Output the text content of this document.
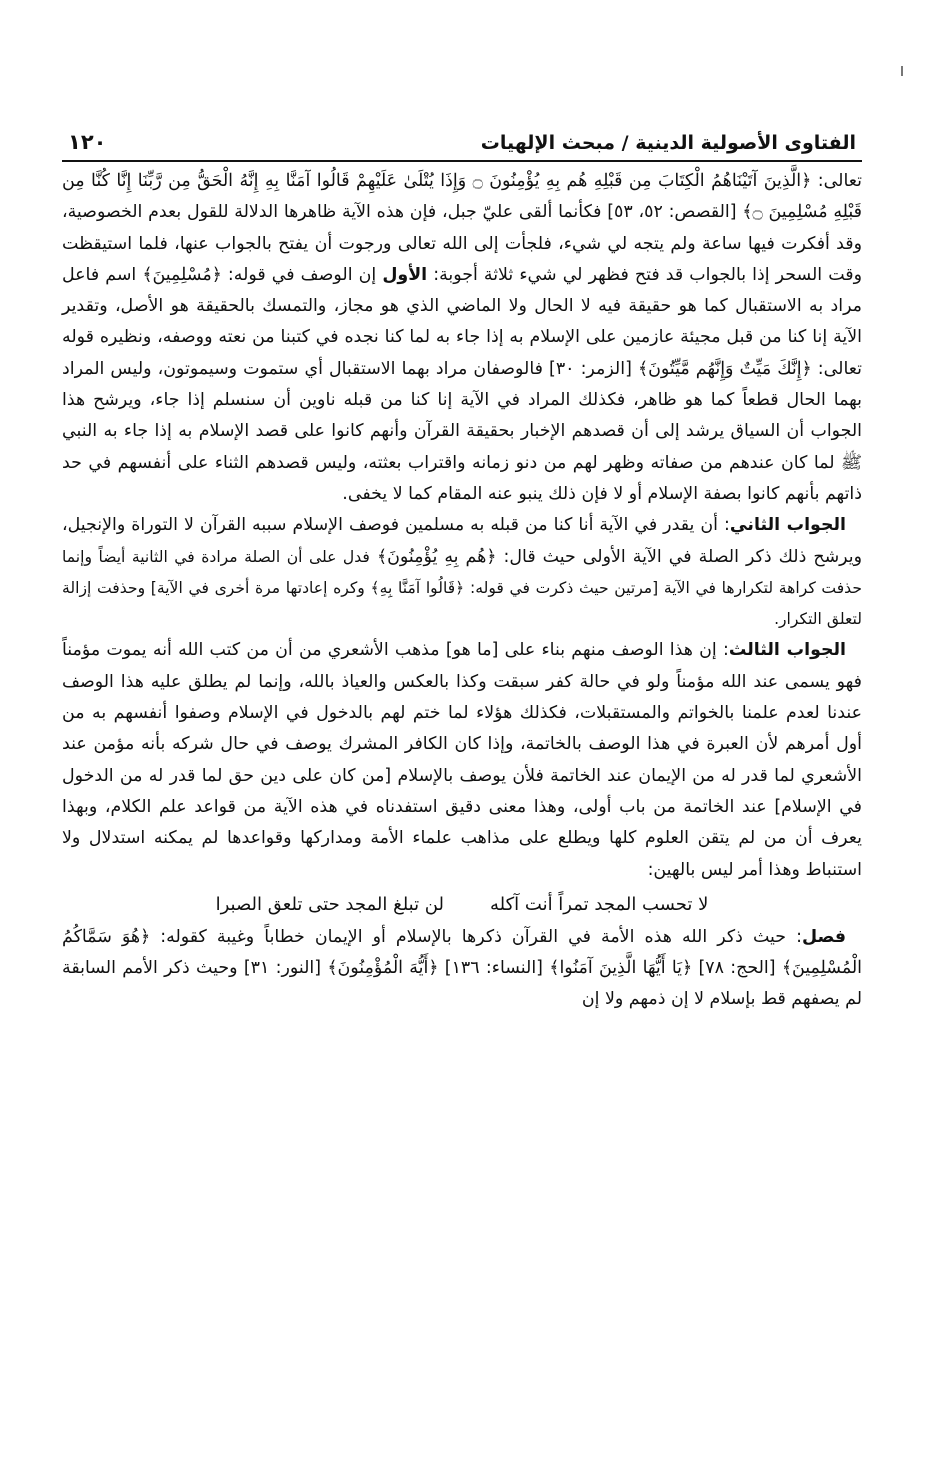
الفتاوى الأصولية الدينية / مبحث الإلهيات
١٢٠

تعالى: ﴿الَّذِينَ آتَيْنَاهُمُ الْكِتَابَ مِن قَبْلِهِ هُم بِهِ يُؤْمِنُونَ ۝ وَإِذَا يُتْلَىٰ عَلَيْهِمْ قَالُوا آمَنَّا بِهِ إِنَّهُ الْحَقُّ مِن رَّبِّنَا إِنَّا كُنَّا مِن قَبْلِهِ مُسْلِمِينَ ۝﴾ [القصص: ٥٢، ٥٣] فكأنما ألقى عليّ جبل، فإن هذه الآية ظاهرها الدلالة للقول بعدم الخصوصية، وقد أفكرت فيها ساعة ولم يتجه لي شيء، فلجأت إلى الله تعالى ورجوت أن يفتح بالجواب عنها، فلما استيقظت وقت السحر إذا بالجواب قد فتح فظهر لي شيء ثلاثة أجوبة: الأول إن الوصف في قوله: ﴿مُسْلِمِينَ﴾ اسم فاعل مراد به الاستقبال كما هو حقيقة فيه لا الحال ولا الماضي الذي هو مجاز، والتمسك بالحقيقة هو الأصل، وتقدير الآية إنا كنا من قبل مجيئة عازمين على الإسلام به إذا جاء به لما كنا نجده في كتبنا من نعته ووصفه، ونظيره قوله تعالى: ﴿إِنَّكَ مَيِّتٌ وَإِنَّهُم مَّيِّتُونَ﴾ [الزمر: ٣٠] فالوصفان مراد بهما الاستقبال أي ستموت وسيموتون، وليس المراد بهما الحال قطعاً كما هو ظاهر، فكذلك المراد في الآية إنا كنا من قبله ناوين أن سنسلم إذا جاء، ويرشح هذا الجواب أن السياق يرشد إلى أن قصدهم الإخبار بحقيقة القرآن وأنهم كانوا على قصد الإسلام به إذا جاء به النبي ﷺ لما كان عندهم من صفاته وظهر لهم من دنو زمانه واقتراب بعثته، وليس قصدهم الثناء على أنفسهم في حد ذاتهم بأنهم كانوا بصفة الإسلام أو لا فإن ذلك ينبو عنه المقام كما لا يخفى.

الجواب الثاني: أن يقدر في الآية أنا كنا من قبله به مسلمين فوصف الإسلام سببه القرآن لا التوراة والإنجيل، ويرشح ذلك ذكر الصلة في الآية الأولى حيث قال: ﴿هُم بِهِ يُؤْمِنُونَ﴾ فدل على أن الصلة مرادة في الثانية أيضاً وإنما حذفت كراهة لتكرارها في الآية [مرتين حيث ذكرت في قوله: ﴿قَالُوا آمَنَّا بِهِ﴾ وكره إعادتها مرة أخرى في الآية] وحذفت إزالة لتعلق التكرار.

الجواب الثالث: إن هذا الوصف منهم بناء على [ما هو] مذهب الأشعري من أن من كتب الله أنه يموت مؤمناً فهو يسمى عند الله مؤمناً ولو في حالة كفر سبقت وكذا بالعكس والعياذ بالله، وإنما لم يطلق عليه هذا الوصف عندنا لعدم علمنا بالخواتم والمستقبلات، فكذلك هؤلاء لما ختم لهم بالدخول في الإسلام وصفوا أنفسهم به من أول أمرهم لأن العبرة في هذا الوصف بالخاتمة، وإذا كان الكافر المشرك يوصف في حال شركه بأنه مؤمن عند الأشعري لما قدر له من الإيمان عند الخاتمة فلأن يوصف بالإسلام [من كان على دين حق لما قدر له من الدخول في الإسلام] عند الخاتمة من باب أولى، وهذا معنى دقيق استفدناه في هذه الآية من قواعد علم الكلام، وبهذا يعرف أن من لم يتقن العلوم كلها ويطلع على مذاهب علماء الأمة ومداركها وقواعدها لم يمكنه استدلال ولا استنباط وهذا أمر ليس بالهين:

لا تحسب المجد تمراً أنت آكله
لن تبلغ المجد حتى تلعق الصبرا

فصل: حيث ذكر الله هذه الأمة في القرآن ذكرها بالإسلام أو الإيمان خطاباً وغيبة كقوله: ﴿هُوَ سَمَّاكُمُ الْمُسْلِمِينَ﴾ [الحج: ٧٨] ﴿يَا أَيُّهَا الَّذِينَ آمَنُوا﴾ [النساء: ١٣٦] ﴿أَيُّهَ الْمُؤْمِنُونَ﴾ [النور: ٣١] وحيث ذكر الأمم السابقة لم يصفهم قط بإسلام لا إن ذمهم ولا إن
